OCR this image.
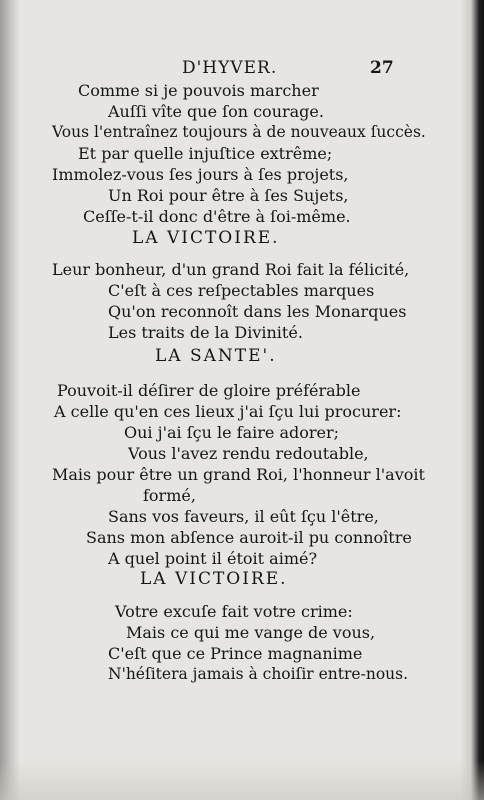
D'HYVER.	27
Comme si je pouvois marcher
Auſſi vîte que ſon courage.
Vous l'entraînez toujours à de nouveaux ſuccès.
Et par quelle injuſtice extrême;
Immolez-vous ſes jours à ſes projets,
Un Roi pour être à ſes Sujets,
Ceſſe-t-il donc d'être à ſoi-même.
LA VICTOIRE.
Leur bonheur, d'un grand Roi fait la félicité,
C'eſt à ces reſpectables marques
Qu'on reconnoît dans les Monarques
Les traits de la Divinité.
LA SANTE'.
Pouvoit-il déſirer de gloire préférable
A celle qu'en ces lieux j'ai ſçu lui procurer:
Oui j'ai ſçu le faire adorer;
Vous l'avez rendu redoutable,
Mais pour être un grand Roi, l'honneur l'avoit
formé,
Sans vos faveurs, il eût ſçu l'être,
Sans mon abſence auroit-il pu connoître
A quel point il étoit aimé?
LA VICTOIRE.
Votre excuſe fait votre crime:
Mais ce qui me vange de vous,
C'eſt que ce Prince magnanime
N'héſitera jamais à choiſir entre-nous.
